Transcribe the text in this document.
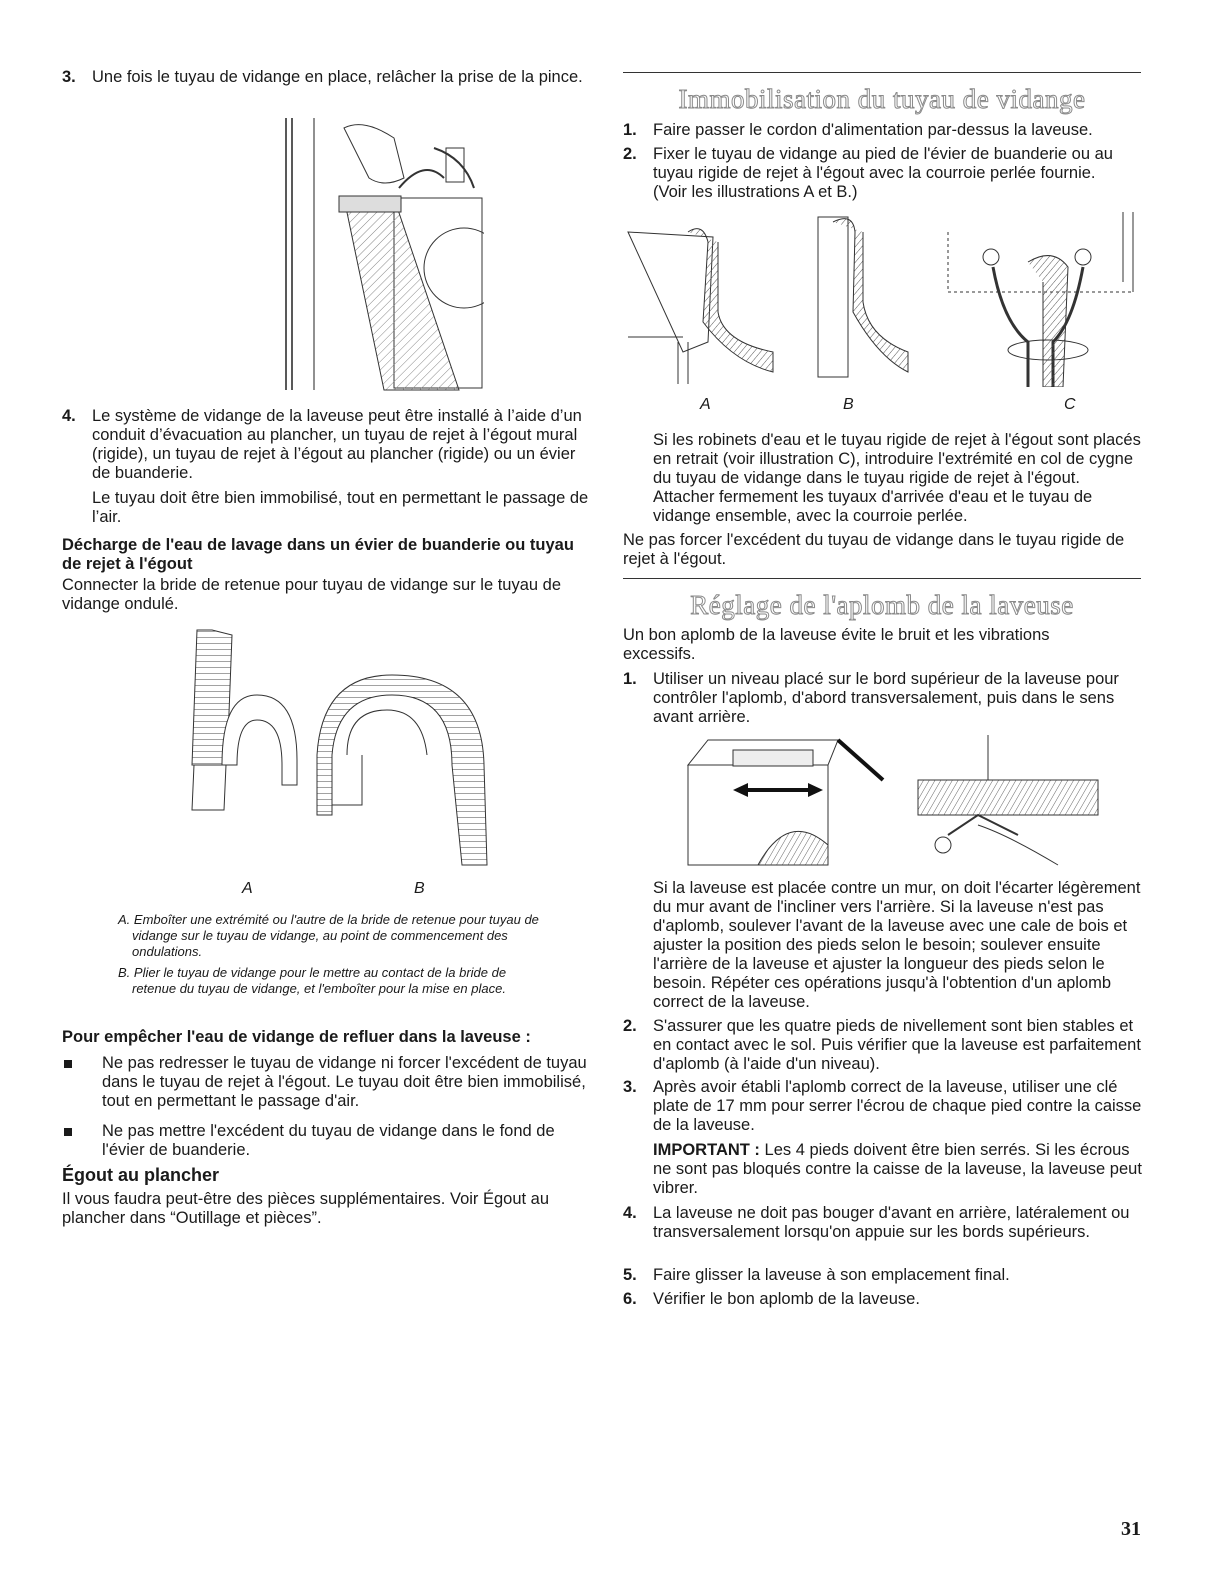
3. Une fois le tuyau de vidange en place, relâcher la prise de la pince.

4. Le système de vidange de la laveuse peut être installé à l’aide d’un conduit d’évacuation au plancher, un tuyau de rejet à l’égout mural (rigide), un tuyau de rejet à l’égout au plancher (rigide) ou un évier de buanderie.

Le tuyau doit être bien immobilisé, tout en permettant le passage de l’air.

Décharge de l'eau de lavage dans un évier de buanderie ou tuyau de rejet à l'égout

Connecter la bride de retenue pour tuyau de vidange sur le tuyau de vidange ondulé.

A	B

A. Emboîter une extrémité ou l'autre de la bride de retenue pour tuyau de vidange sur le tuyau de vidange, au point de commencement des ondulations.

B. Plier le tuyau de vidange pour le mettre au contact de la bride de retenue du tuyau de vidange, et l'emboîter pour la mise en place.

Pour empêcher l'eau de vidange de refluer dans la laveuse :

Ne pas redresser le tuyau de vidange ni forcer l'excédent de tuyau dans le tuyau de rejet à l'égout. Le tuyau doit être bien immobilisé, tout en permettant le passage d'air.

Ne pas mettre l'excédent du tuyau de vidange dans le fond de l'évier de buanderie.

Égout au plancher

Il vous faudra peut-être des pièces supplémentaires. Voir Égout au plancher dans “Outillage et pièces”.

Immobilisation du tuyau de vidange

1. Faire passer le cordon d'alimentation par-dessus la laveuse.

2. Fixer le tuyau de vidange au pied de l'évier de buanderie ou au tuyau rigide de rejet à l'égout avec la courroie perlée fournie. (Voir les illustrations A et B.)

A	B	C

Si les robinets d'eau et le tuyau rigide de rejet à l'égout sont placés en retrait (voir illustration C), introduire l'extrémité en col de cygne du tuyau de vidange dans le tuyau rigide de rejet à l'égout. Attacher fermement les tuyaux d'arrivée d'eau et le tuyau de vidange ensemble, avec la courroie perlée.

Ne pas forcer l'excédent du tuyau de vidange dans le tuyau rigide de rejet à l'égout.

Réglage de l'aplomb de la laveuse

Un bon aplomb de la laveuse évite le bruit et les vibrations excessifs.

1. Utiliser un niveau placé sur le bord supérieur de la laveuse pour contrôler l'aplomb, d'abord transversalement, puis dans le sens avant arrière.

Si la laveuse est placée contre un mur, on doit l'écarter légèrement du mur avant de l'incliner vers l'arrière. Si la laveuse n'est pas d'aplomb, soulever l'avant de la laveuse avec une cale de bois et ajuster la position des pieds selon le besoin; soulever ensuite l'arrière de la laveuse et ajuster la longueur des pieds selon le besoin. Répéter ces opérations jusqu'à l'obtention d'un aplomb correct de la laveuse.

2. S'assurer que les quatre pieds de nivellement sont bien stables et en contact avec le sol. Puis vérifier que la laveuse est parfaitement d'aplomb (à l'aide d'un niveau).

3. Après avoir établi l'aplomb correct de la laveuse, utiliser une clé plate de 17 mm pour serrer l'écrou de chaque pied contre la caisse de la laveuse.

IMPORTANT : Les 4 pieds doivent être bien serrés. Si les écrous ne sont pas bloqués contre la caisse de la laveuse, la laveuse peut vibrer.

4. La laveuse ne doit pas bouger d'avant en arrière, latéralement ou transversalement lorsqu'on appuie sur les bords supérieurs.

5. Faire glisser la laveuse à son emplacement final.

6. Vérifier le bon aplomb de la laveuse.

31
